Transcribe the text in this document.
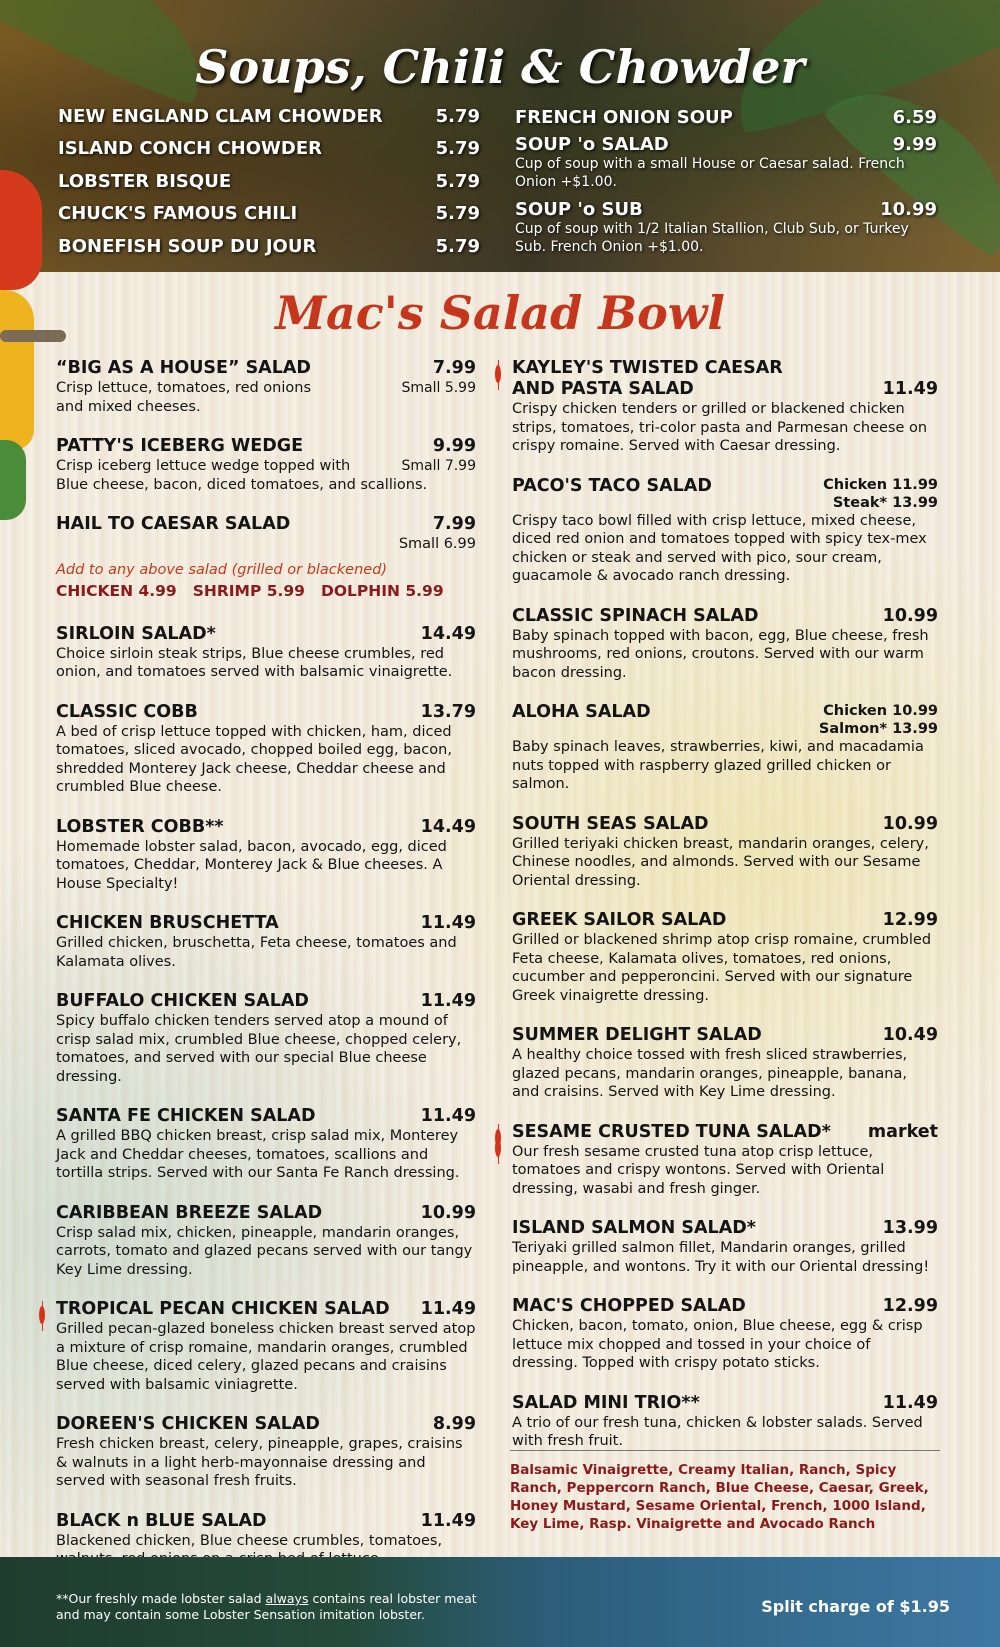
Soups, Chili & Chowder
NEW ENGLAND CLAM CHOWDER	5.79
ISLAND CONCH CHOWDER	5.79
LOBSTER BISQUE	5.79
CHUCK'S FAMOUS CHILI	5.79
BONEFISH SOUP DU JOUR	5.79
FRENCH ONION SOUP	6.59
SOUP 'o SALAD	9.99
Cup of soup with a small House or Caesar salad. French Onion +$1.00.
SOUP 'o SUB	10.99
Cup of soup with 1/2 Italian Stallion, Club Sub, or Turkey Sub. French Onion +$1.00.
Mac's Salad Bowl
“BIG AS A HOUSE” SALAD	7.99
Crisp lettuce, tomatoes, red onions	Small 5.99
and mixed cheeses.
PATTY'S ICEBERG WEDGE	9.99
Crisp iceberg lettuce wedge topped with	Small 7.99
Blue cheese, bacon, diced tomatoes, and scallions.
HAIL TO CAESAR SALAD	7.99
Small 6.99
Add to any above salad (grilled or blackened)
CHICKEN 4.99 SHRIMP 5.99 DOLPHIN 5.99
SIRLOIN SALAD*	14.49
Choice sirloin steak strips, Blue cheese crumbles, red onion, and tomatoes served with balsamic vinaigrette.
CLASSIC COBB	13.79
A bed of crisp lettuce topped with chicken, ham, diced tomatoes, sliced avocado, chopped boiled egg, bacon, shredded Monterey Jack cheese, Cheddar cheese and crumbled Blue cheese.
LOBSTER COBB**	14.49
Homemade lobster salad, bacon, avocado, egg, diced tomatoes, Cheddar, Monterey Jack & Blue cheeses. A House Specialty!
CHICKEN BRUSCHETTA	11.49
Grilled chicken, bruschetta, Feta cheese, tomatoes and Kalamata olives.
BUFFALO CHICKEN SALAD	11.49
Spicy buffalo chicken tenders served atop a mound of crisp salad mix, crumbled Blue cheese, chopped celery, tomatoes, and served with our special Blue cheese dressing.
SANTA FE CHICKEN SALAD	11.49
A grilled BBQ chicken breast, crisp salad mix, Monterey Jack and Cheddar cheeses, tomatoes, scallions and tortilla strips. Served with our Santa Fe Ranch dressing.
CARIBBEAN BREEZE SALAD	10.99
Crisp salad mix, chicken, pineapple, mandarin oranges, carrots, tomato and glazed pecans served with our tangy Key Lime dressing.
TROPICAL PECAN CHICKEN SALAD 11.49
Grilled pecan-glazed boneless chicken breast served atop a mixture of crisp romaine, mandarin oranges, crumbled Blue cheese, diced celery, glazed pecans and craisins served with balsamic viniagrette.
DOREEN'S CHICKEN SALAD	8.99
Fresh chicken breast, celery, pineapple, grapes, craisins & walnuts in a light herb-mayonnaise dressing and served with seasonal fresh fruits.
BLACK n BLUE SALAD	11.49
Blackened chicken, Blue cheese crumbles, tomatoes,
KAYLEY'S TWISTED CAESAR
AND PASTA SALAD	11.49
Crispy chicken tenders or grilled or blackened chicken strips, tomatoes, tri-color pasta and Parmesan cheese on crispy romaine. Served with Caesar dressing.
PACO'S TACO SALAD	Chicken 11.99
Steak* 13.99
Crispy taco bowl filled with crisp lettuce, mixed cheese, diced red onion and tomatoes topped with spicy tex-mex chicken or steak and served with pico, sour cream, guacamole & avocado ranch dressing.
CLASSIC SPINACH SALAD	10.99
Baby spinach topped with bacon, egg, Blue cheese, fresh mushrooms, red onions, croutons. Served with our warm bacon dressing.
ALOHA SALAD	Chicken 10.99
Salmon* 13.99
Baby spinach leaves, strawberries, kiwi, and macadamia nuts topped with raspberry glazed grilled chicken or salmon.
SOUTH SEAS SALAD	10.99
Grilled teriyaki chicken breast, mandarin oranges, celery, Chinese noodles, and almonds. Served with our Sesame Oriental dressing.
GREEK SAILOR SALAD	12.99
Grilled or blackened shrimp atop crisp romaine, crumbled Feta cheese, Kalamata olives, tomatoes, red onions, cucumber and pepperoncini. Served with our signature Greek vinaigrette dressing.
SUMMER DELIGHT SALAD	10.49
A healthy choice tossed with fresh sliced strawberries, glazed pecans, mandarin oranges, pineapple, banana, and craisins. Served with Key Lime dressing.
SESAME CRUSTED TUNA SALAD* market
Our fresh sesame crusted tuna atop crisp lettuce, tomatoes and crispy wontons. Served with Oriental dressing, wasabi and fresh ginger.
ISLAND SALMON SALAD*	13.99
Teriyaki grilled salmon fillet, Mandarin oranges, grilled pineapple, and wontons. Try it with our Oriental dressing!
MAC'S CHOPPED SALAD	12.99
Chicken, bacon, tomato, onion, Blue cheese, egg & crisp lettuce mix chopped and tossed in your choice of dressing. Topped with crispy potato sticks.
SALAD MINI TRIO**	11.49
A trio of our fresh tuna, chicken & lobster salads. Served with fresh fruit.
Balsamic Vinaigrette, Creamy Italian, Ranch, Spicy Ranch, Peppercorn Ranch, Blue Cheese, Caesar, Greek, Honey Mustard, Sesame Oriental, French, 1000 Island, Key Lime, Rasp. Vinaigrette and Avocado Ranch
**Our freshly made lobster salad always contains real lobster meat and may contain some Lobster Sensation imitation lobster.	Split charge of $1.95
